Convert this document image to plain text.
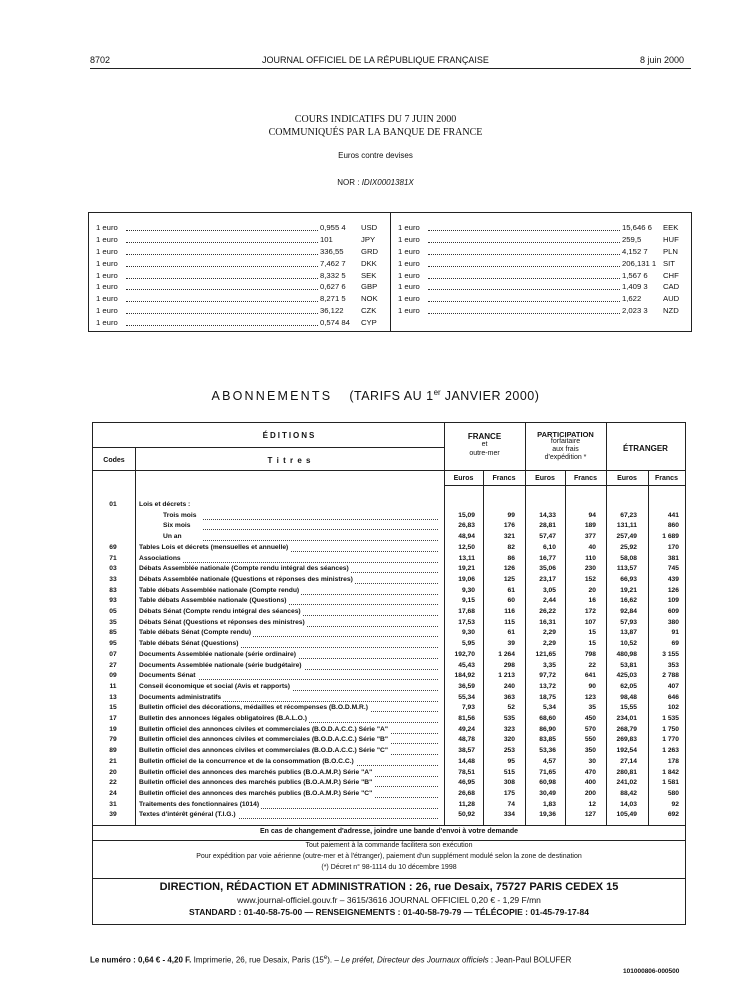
8702	JOURNAL OFFICIEL DE LA RÉPUBLIQUE FRANÇAISE	8 juin 2000
COURS INDICATIFS DU 7 JUIN 2000
COMMUNIQUÉS PAR LA BANQUE DE FRANCE
Euros contre devises
NOR : IDIX0001381X
1 euro	0,955 4 USD
1 euro	101	JPY
1 euro	336,55 GRD
1 euro	7,462 7 DKK
1 euro	8,332 5 SEK
1 euro	0,627 6 GBP
1 euro	8,271 5 NOK
1 euro	36,122 CZK
1 euro	0,574 84 CYP
1 euro	15,646 6 EEK
1 euro	259,5	HUF
1 euro	4,152 7 PLN
1 euro	206,131 1 SIT
1 euro	1,567 6 CHF
1 euro	1,409 3 CAD
1 euro	1,622	AUD
1 euro	2,023 3 NZD
ABONNEMENTS (TARIFS AU 1er JANVIER 2000)
ÉDITIONS
Codes	T i t r e s
FRANCE
et
outre-mer
PARTICIPATION
forfaitaire
aux frais
d'expédition *
ÉTRANGER
Euros	Francs	Euros	Francs	Euros	Francs
01	Lois et décrets :
Trois mois	15,09	99	14,33	94	67,23	441
Six mois	26,83	176	28,81	189	131,11	860
Un an	48,94	321	57,47	377	257,49	1 689
69	Tables Lois et décrets (mensuelles et annuelle)	12,50	82	6,10	40	25,92	170
71	Associations	13,11	86	16,77	110	58,08	381
03	Débats Assemblée nationale (Compte rendu intégral des séances)	19,21	126	35,06	230	113,57	745
33	Débats Assemblée nationale (Questions et réponses des ministres)	19,06	125	23,17	152	66,93	439
83	Table débats Assemblée nationale (Compte rendu)	9,30	61	3,05	20	19,21	126
93	Table débats Assemblée nationale (Questions)	9,15	60	2,44	16	16,62	109
05	Débats Sénat (Compte rendu intégral des séances)	17,68	116	26,22	172	92,84	609
35	Débats Sénat (Questions et réponses des ministres)	17,53	115	16,31	107	57,93	380
85	Table débats Sénat (Compte rendu)	9,30	61	2,29	15	13,87	91
95	Table débats Sénat (Questions)	5,95	39	2,29	15	10,52	69
07	Documents Assemblée nationale (série ordinaire)	192,70	1 264	121,65	798	480,98	3 155
27	Documents Assemblée nationale (série budgétaire)	45,43	298	3,35	22	53,81	353
09	Documents Sénat	184,92	1 213	97,72	641	425,03	2 788
11	Conseil économique et social (Avis et rapports)	36,59	240	13,72	90	62,05	407
13	Documents administratifs	55,34	363	18,75	123	98,48	646
15	Bulletin officiel des décorations, médailles et récompenses (B.O.D.M.R.)	7,93	52	5,34	35	15,55	102
17	Bulletin des annonces légales obligatoires (B.A.L.O.)	81,56	535	68,60	450	234,01	1 535
19	Bulletin officiel des annonces civiles et commerciales (B.O.D.A.C.C.) Série "A"	49,24	323	86,90	570	268,79	1 750
79	Bulletin officiel des annonces civiles et commerciales (B.O.D.A.C.C.) Série "B"	48,78	320	83,85	550	269,83	1 770
89	Bulletin officiel des annonces civiles et commerciales (B.O.D.A.C.C.) Série "C"	38,57	253	53,36	350	192,54	1 263
21	Bulletin officiel de la concurrence et de la consommation (B.O.C.C.)	14,48	95	4,57	30	27,14	178
20	Bulletin officiel des annonces des marchés publics (B.O.A.M.P.) Série "A"	78,51	515	71,65	470	280,81	1 842
22	Bulletin officiel des annonces des marchés publics (B.O.A.M.P.) Série "B"	46,95	308	60,98	400	241,02	1 581
24	Bulletin officiel des annonces des marchés publics (B.O.A.M.P.) Série "C"	26,68	175	30,49	200	88,42	580
31	Traitements des fonctionnaires (1014)	11,28	74	1,83	12	14,03	92
39	Textes d'intérêt général (T.I.G.)	50,92	334	19,36	127	105,49	692
En cas de changement d'adresse, joindre une bande d'envoi à votre demande
Tout paiement à la commande facilitera son exécution
Pour expédition par voie aérienne (outre-mer et à l'étranger), paiement d'un supplément modulé selon la zone de destination
(*) Décret n° 98-1114 du 10 décembre 1998
DIRECTION, RÉDACTION ET ADMINISTRATION : 26, rue Desaix, 75727 PARIS CEDEX 15
www.journal-officiel.gouv.fr – 3615/3616 JOURNAL OFFICIEL 0,20 € - 1,29 F/mn
STANDARD : 01-40-58-75-00 — RENSEIGNEMENTS : 01-40-58-79-79 — TÉLÉCOPIE : 01-45-79-17-84
Le numéro : 0,64 € - 4,20 F. Imprimerie, 26, rue Desaix, Paris (15e). – Le préfet, Directeur des Journaux officiels : Jean-Paul BOLUFER
101000806-000500
